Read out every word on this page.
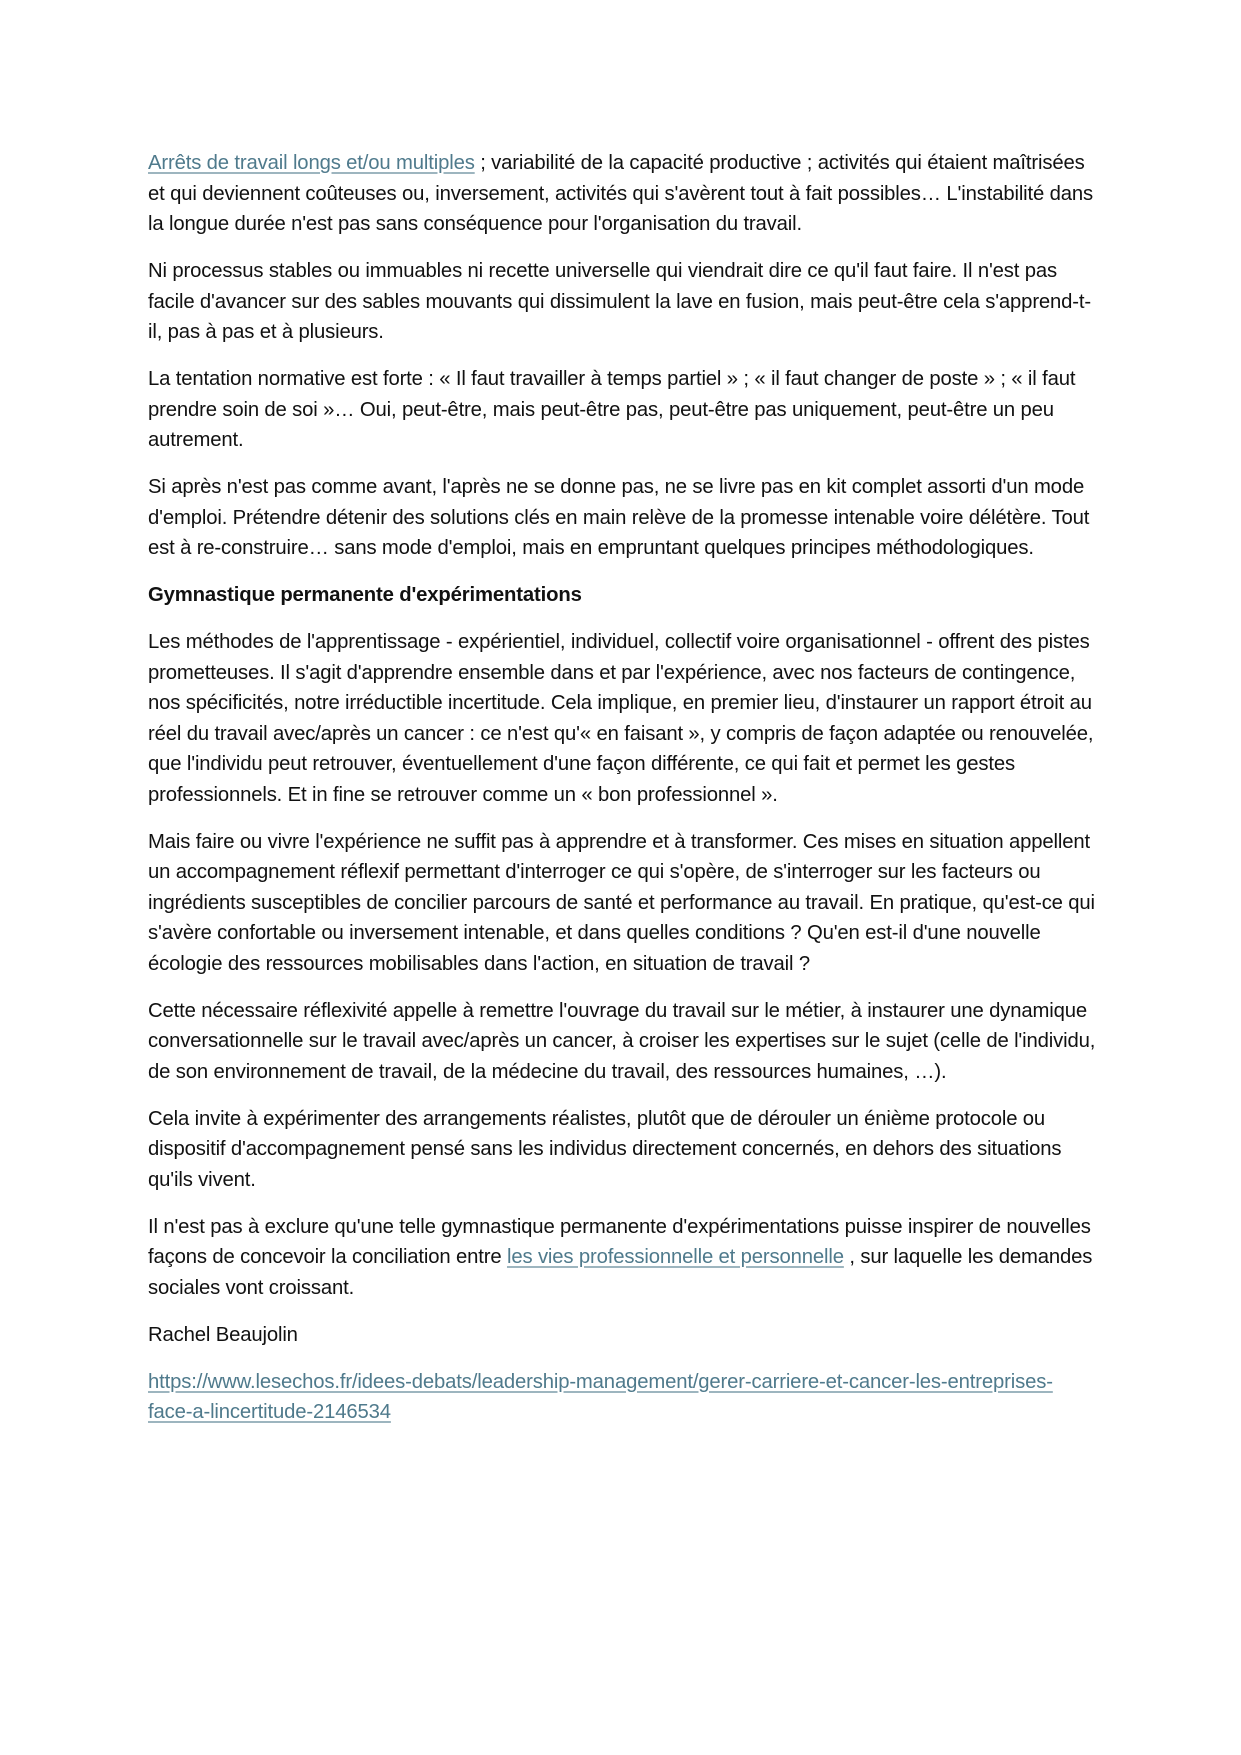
Arrêts de travail longs et/ou multiples ; variabilité de la capacité productive ; activités qui étaient maîtrisées et qui deviennent coûteuses ou, inversement, activités qui s'avèrent tout à fait possibles… L'instabilité dans la longue durée n'est pas sans conséquence pour l'organisation du travail.

Ni processus stables ou immuables ni recette universelle qui viendrait dire ce qu'il faut faire. Il n'est pas facile d'avancer sur des sables mouvants qui dissimulent la lave en fusion, mais peut-être cela s'apprend-t-il, pas à pas et à plusieurs.

La tentation normative est forte : « Il faut travailler à temps partiel » ; « il faut changer de poste » ; « il faut prendre soin de soi »… Oui, peut-être, mais peut-être pas, peut-être pas uniquement, peut-être un peu autrement.

Si après n'est pas comme avant, l'après ne se donne pas, ne se livre pas en kit complet assorti d'un mode d'emploi. Prétendre détenir des solutions clés en main relève de la promesse intenable voire délétère. Tout est à re-construire… sans mode d'emploi, mais en empruntant quelques principes méthodologiques.

Gymnastique permanente d'expérimentations

Les méthodes de l'apprentissage - expérientiel, individuel, collectif voire organisationnel - offrent des pistes prometteuses. Il s'agit d'apprendre ensemble dans et par l'expérience, avec nos facteurs de contingence, nos spécificités, notre irréductible incertitude. Cela implique, en premier lieu, d'instaurer un rapport étroit au réel du travail avec/après un cancer : ce n'est qu'« en faisant », y compris de façon adaptée ou renouvelée, que l'individu peut retrouver, éventuellement d'une façon différente, ce qui fait et permet les gestes professionnels. Et in fine se retrouver comme un « bon professionnel ».

Mais faire ou vivre l'expérience ne suffit pas à apprendre et à transformer. Ces mises en situation appellent un accompagnement réflexif permettant d'interroger ce qui s'opère, de s'interroger sur les facteurs ou ingrédients susceptibles de concilier parcours de santé et performance au travail. En pratique, qu'est-ce qui s'avère confortable ou inversement intenable, et dans quelles conditions ? Qu'en est-il d'une nouvelle écologie des ressources mobilisables dans l'action, en situation de travail ?

Cette nécessaire réflexivité appelle à remettre l'ouvrage du travail sur le métier, à instaurer une dynamique conversationnelle sur le travail avec/après un cancer, à croiser les expertises sur le sujet (celle de l'individu, de son environnement de travail, de la médecine du travail, des ressources humaines, …).

Cela invite à expérimenter des arrangements réalistes, plutôt que de dérouler un énième protocole ou dispositif d'accompagnement pensé sans les individus directement concernés, en dehors des situations qu'ils vivent.

Il n'est pas à exclure qu'une telle gymnastique permanente d'expérimentations puisse inspirer de nouvelles façons de concevoir la conciliation entre les vies professionnelle et personnelle , sur laquelle les demandes sociales vont croissant.

Rachel Beaujolin

https://www.lesechos.fr/idees-debats/leadership-management/gerer-carriere-et-cancer-les-entreprises-face-a-lincertitude-2146534
